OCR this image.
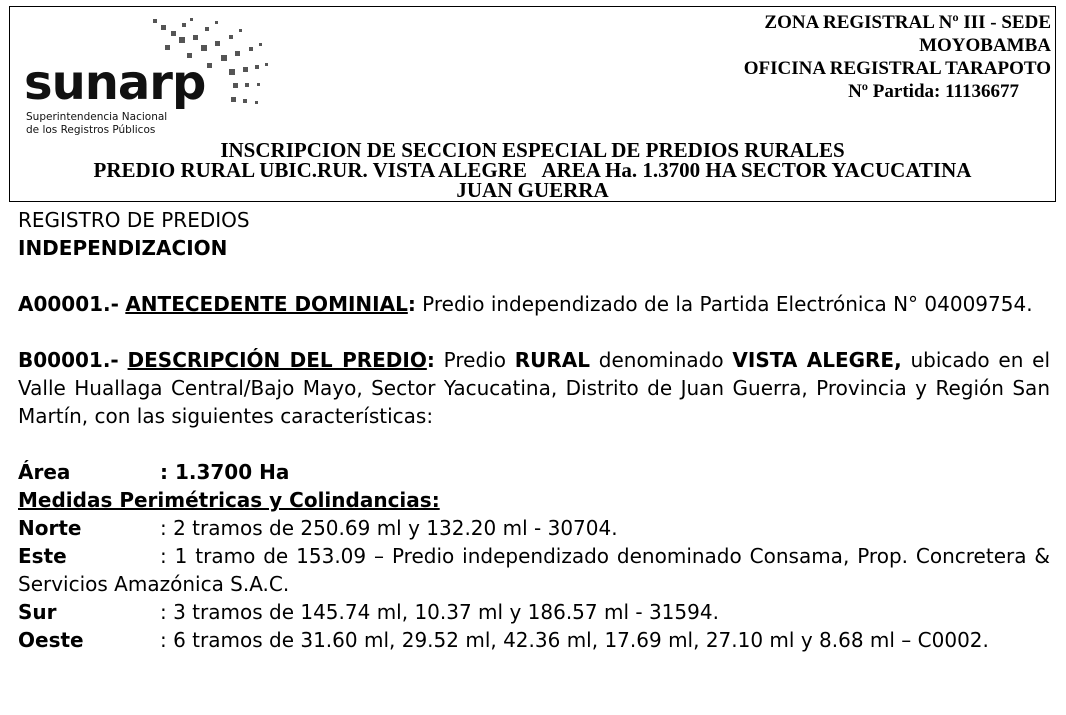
sunarp
Superintendencia Nacional
de los Registros Públicos
ZONA REGISTRAL Nº III - SEDE
MOYOBAMBA
OFICINA REGISTRAL TARAPOTO
Nº Partida: 11136677
INSCRIPCION DE SECCION ESPECIAL DE PREDIOS RURALES
PREDIO RURAL UBIC.RUR. VISTA ALEGRE   AREA Ha. 1.3700 HA SECTOR YACUCATINA
JUAN GUERRA

REGISTRO DE PREDIOS

INDEPENDIZACION

A00001.- ANTECEDENTE DOMINIAL: Predio independizado de la Partida Electrónica N° 04009754.

B00001.- DESCRIPCIÓN DEL PREDIO: Predio RURAL denominado VISTA ALEGRE, ubicado en el Valle Huallaga Central/Bajo Mayo, Sector Yacucatina, Distrito de Juan Guerra, Provincia y Región San Martín, con las siguientes características:

Área	: 1.3700 Ha

Medidas Perimétricas y Colindancias:

Norte	: 2 tramos de 250.69 ml y 132.20 ml - 30704.

Este	: 1 tramo de 153.09 – Predio independizado denominado Consama, Prop. Concretera & Servicios Amazónica S.A.C.

Sur	: 3 tramos de 145.74 ml, 10.37 ml y 186.57 ml - 31594.

Oeste	: 6 tramos de 31.60 ml, 29.52 ml, 42.36 ml, 17.69 ml, 27.10 ml y 8.68 ml – C0002.
